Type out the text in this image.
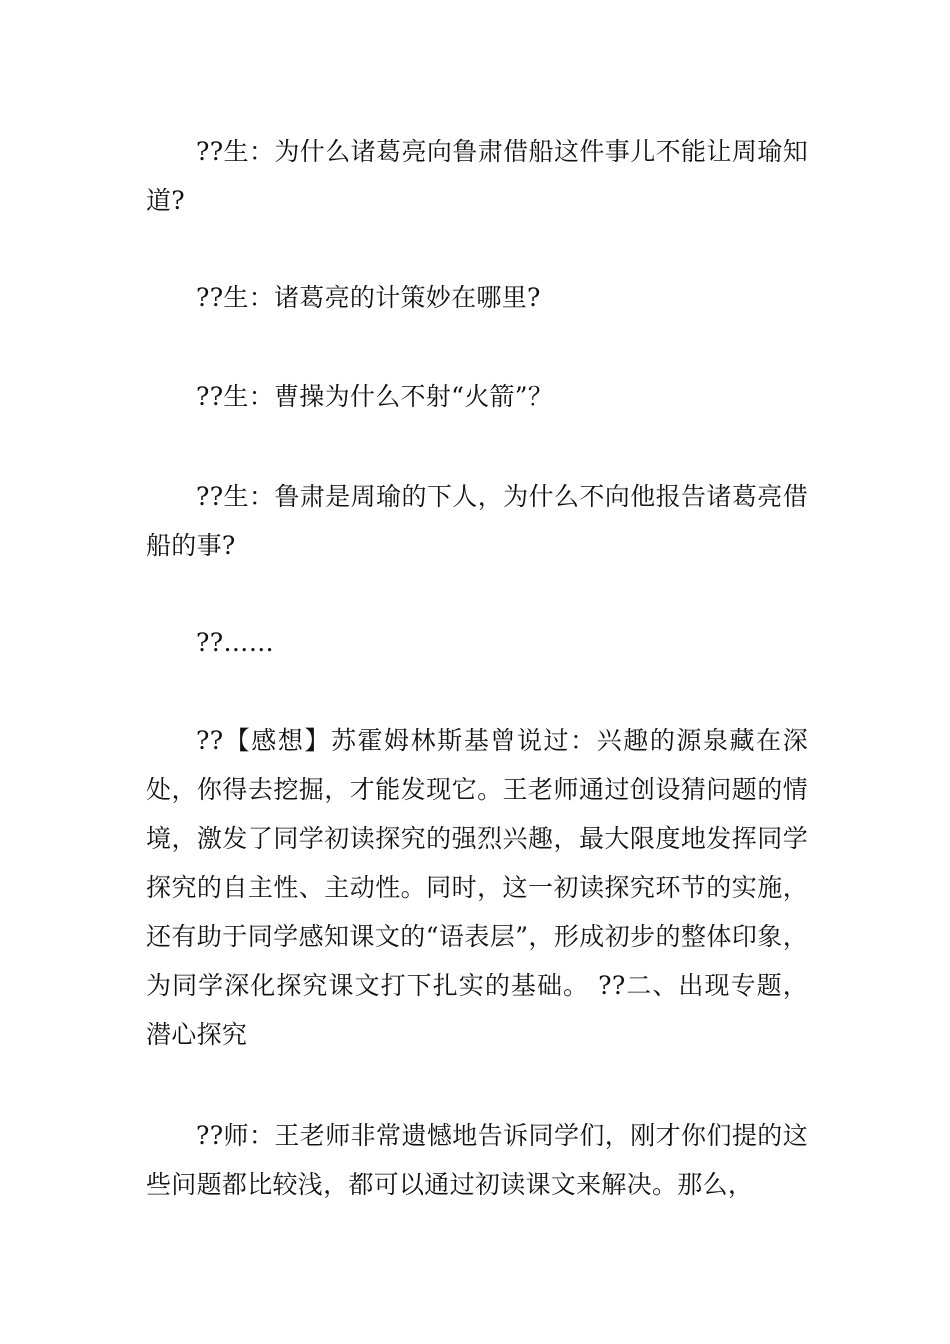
??生：为什么诸葛亮向鲁肃借船这件事儿不能让周瑜知道?

??生：诸葛亮的计策妙在哪里?

??生：曹操为什么不射“火箭”？

??生：鲁肃是周瑜的下人，为什么不向他报告诸葛亮借船的事?

??……

??【感想】苏霍姆林斯基曾说过：兴趣的源泉藏在深处，你得去挖掘，才能发现它。王老师通过创设猜问题的情境，激发了同学初读探究的强烈兴趣，最大限度地发挥同学探究的自主性、主动性。同时，这一初读探究环节的实施，还有助于同学感知课文的“语表层”，形成初步的整体印象，为同学深化探究课文打下扎实的基础。 ??二、出现专题，潜心探究

??师：王老师非常遗憾地告诉同学们，刚才你们提的这些问题都比较浅，都可以通过初读课文来解决。那么，
